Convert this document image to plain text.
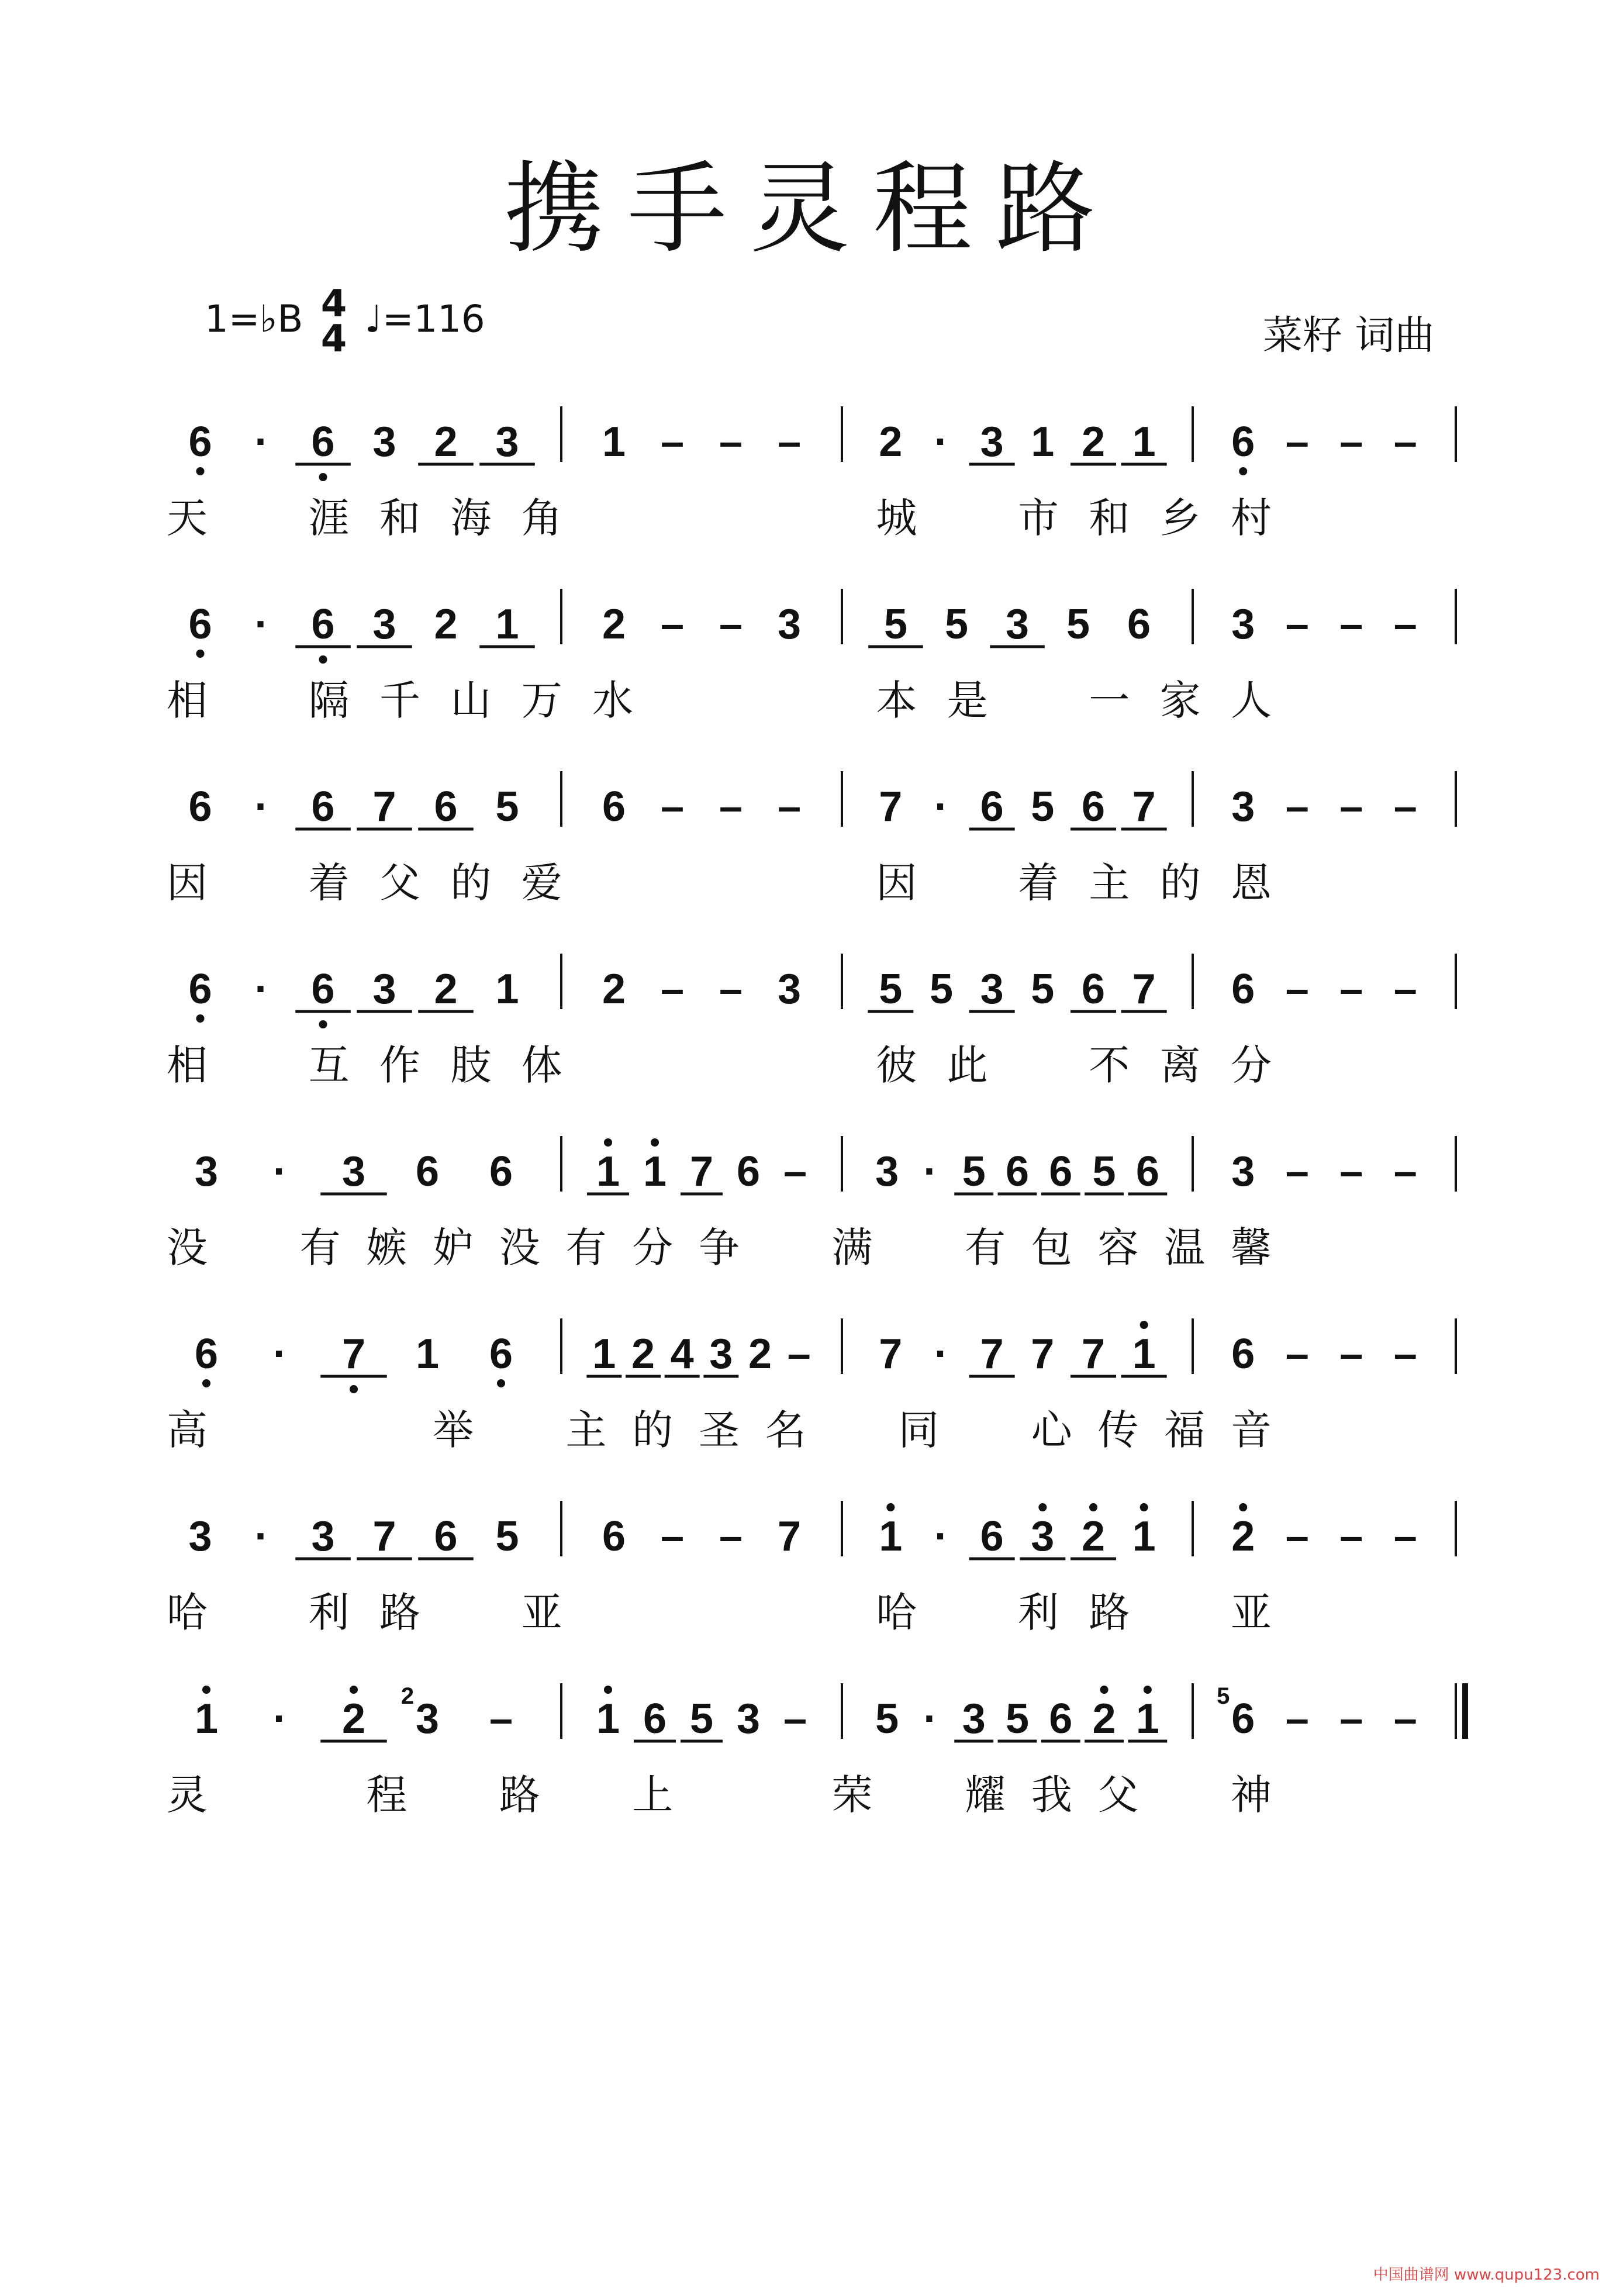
携手灵程路
1=♭B 4
4 ♩=116	菜籽 词曲
6 · 6 3 2 3 1 – – – 2 · 3 1 2 1 6 – – –
天 涯 和 海 角	城 市 和 乡 村
6 · 6 3 2 1 2 – – 3 5 5 3 5 6 3 – – –
相 隔 千 山 万 水	本 是 一 家 人
6 · 6 7 6 5 6 – – – 7 · 6 5 6 7 3 – – –
因 着 父 的 爱	因 着 主 的 恩
6 · 6 3 2 1 2 – – 3 5 5 3 5 6 7 6 – – –
相 互 作 肢 体	彼 此 不 离 分
3 · 3 6 6 1 1 7 6 – 3 · 5 6 6 5 6 3 – – –
没 有 嫉 妒 没 有 分 争 满 有 包 容 温 馨
6 · 7 1 6 1 2 4 3 2 – 7 · 7 7 7 1 6 – – –
高	举 主 的 圣 名 同 心 传 福 音
3 · 3 7 6 5 6 – – 7 1 · 6 3 2 1 2 – – –
哈 利 路 亚	哈 利 路 亚
1 · 2 3
2 – 1 6 5 3 – 5 · 3 5 6 2 1 6
5 – – –
灵	程 路 上	荣 耀 我 父 神
中国曲谱网 www.qupu123.com
